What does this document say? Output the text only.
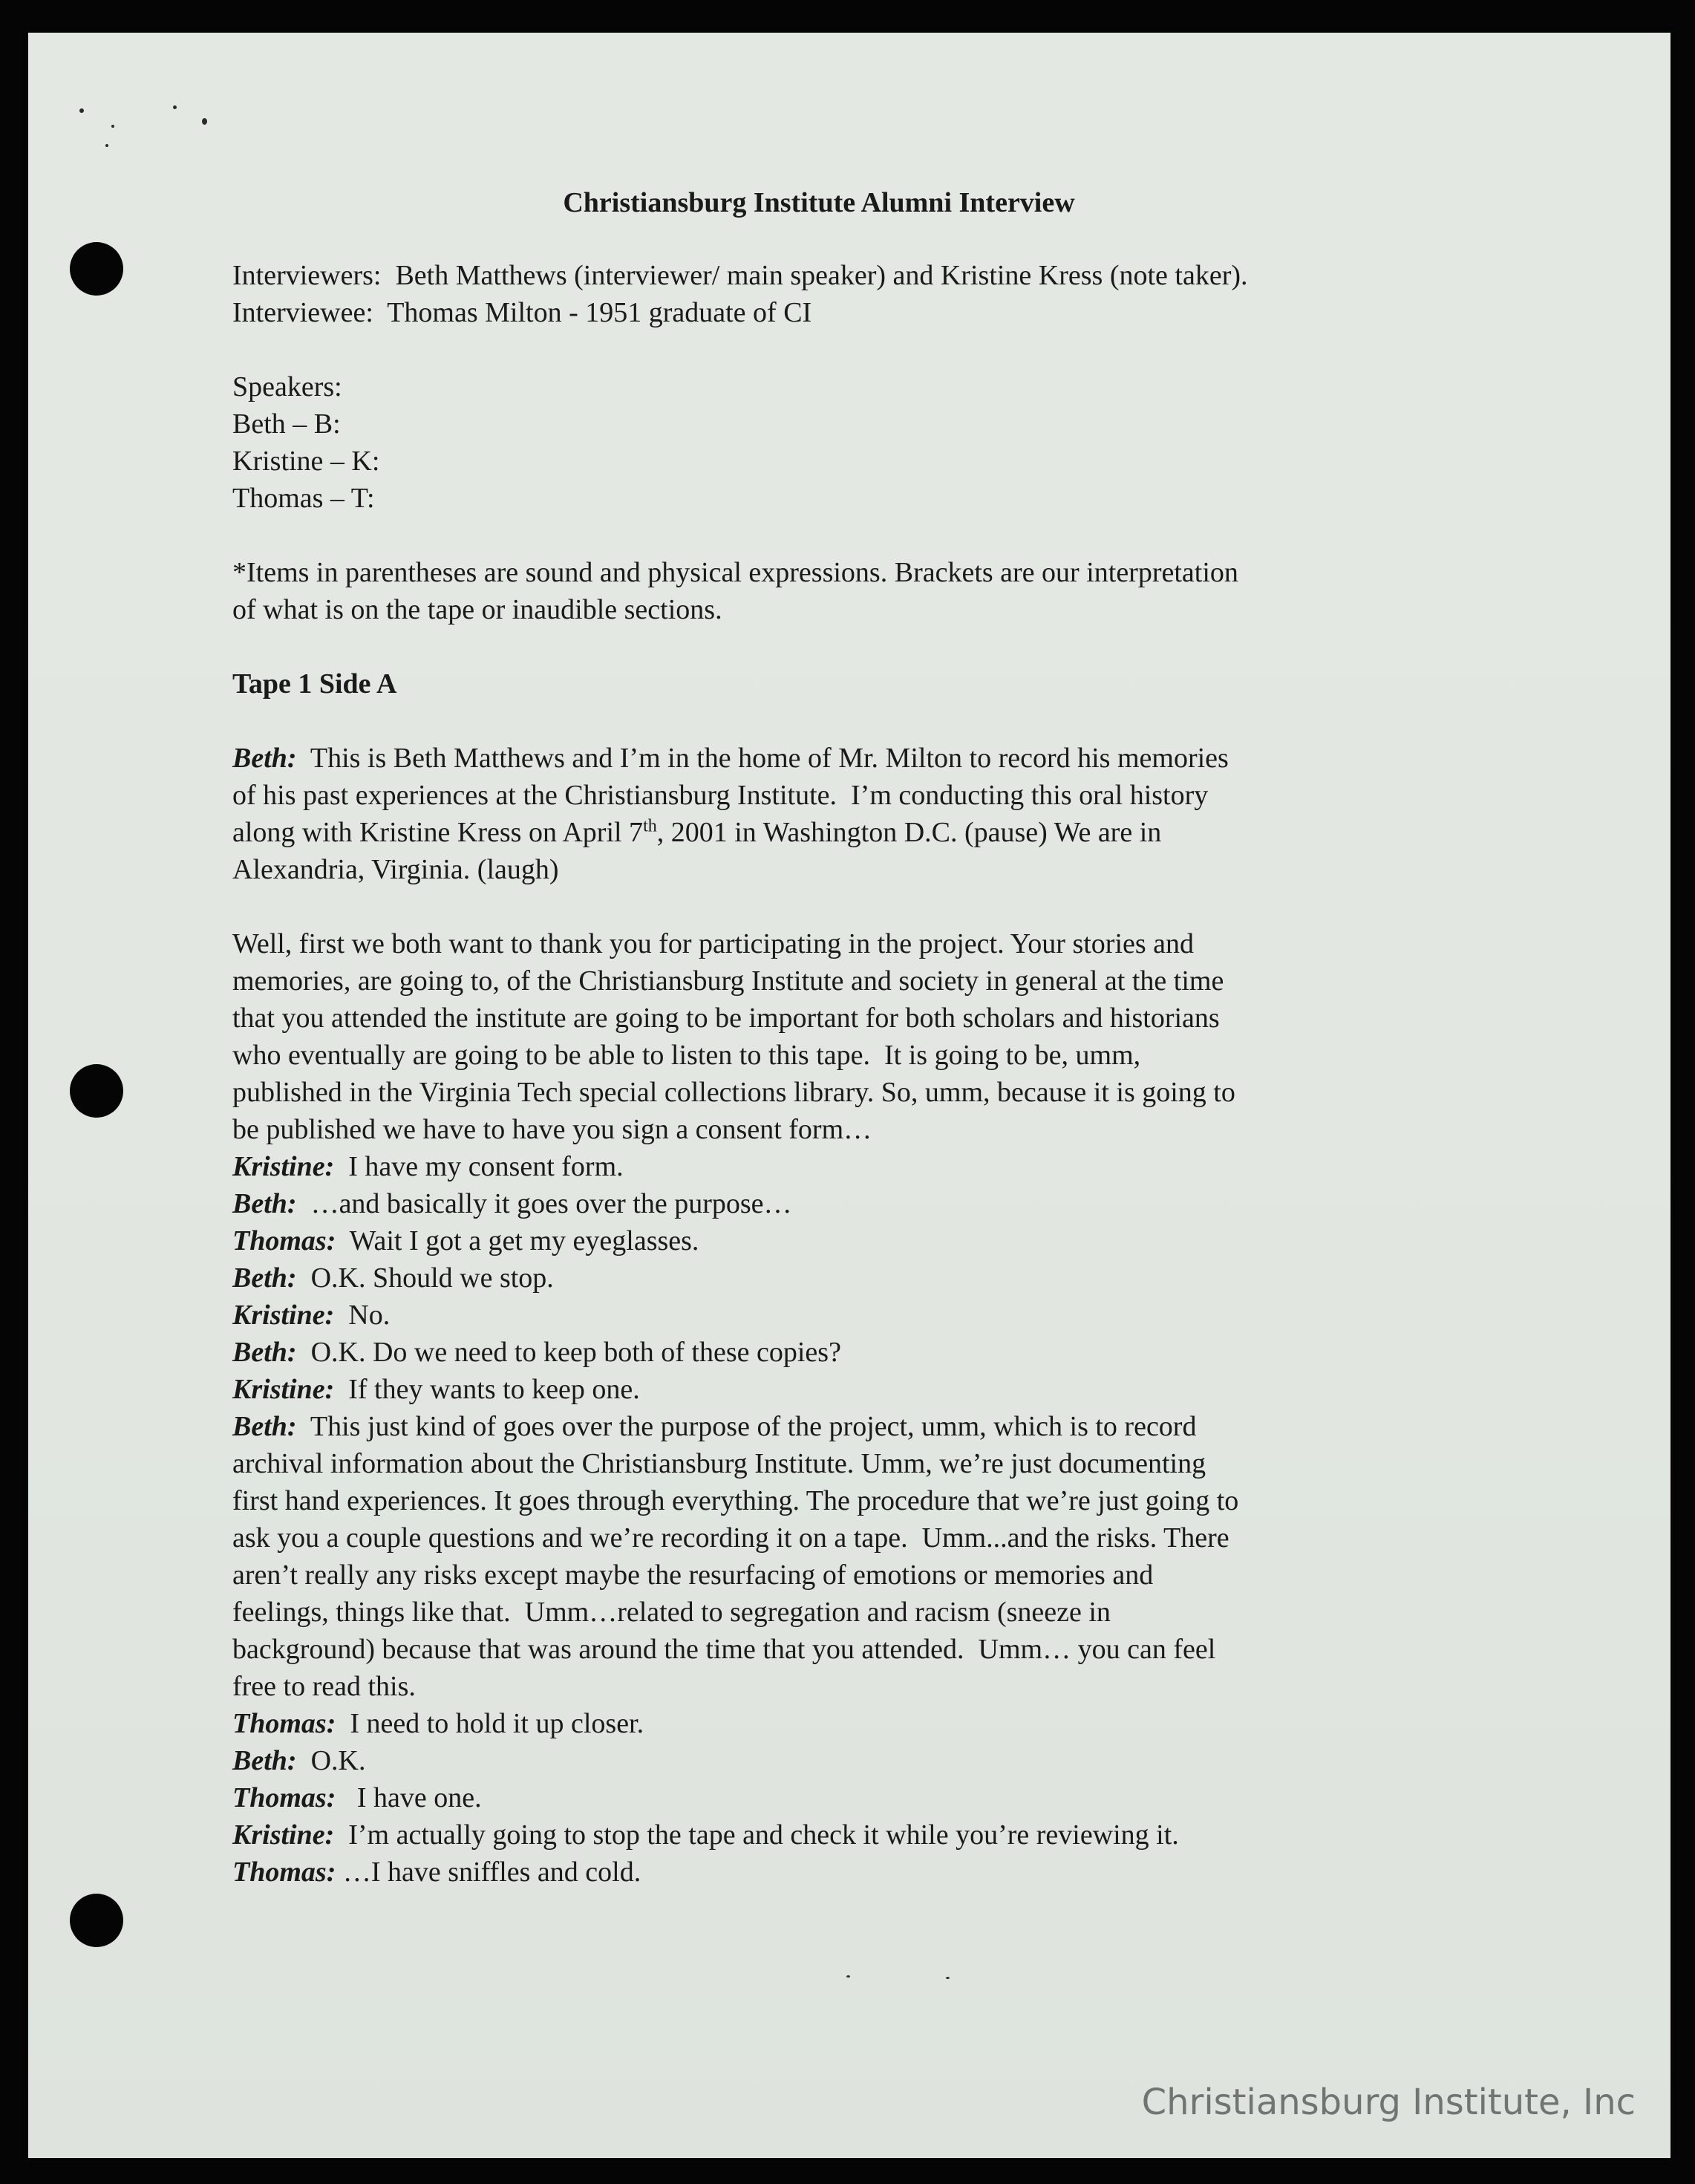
Christiansburg Institute Alumni Interview
Interviewers:  Beth Matthews (interviewer/ main speaker) and Kristine Kress (note taker).
Interviewee:  Thomas Milton - 1951 graduate of CI
Speakers:
Beth – B:
Kristine – K:
Thomas – T:
*Items in parentheses are sound and physical expressions. Brackets are our interpretation
of what is on the tape or inaudible sections.
Tape 1 Side A
Beth:  This is Beth Matthews and I’m in the home of Mr. Milton to record his memories
of his past experiences at the Christiansburg Institute.  I’m conducting this oral history
along with Kristine Kress on April 7th, 2001 in Washington D.C. (pause) We are in
Alexandria, Virginia. (laugh)
Well, first we both want to thank you for participating in the project. Your stories and
memories, are going to, of the Christiansburg Institute and society in general at the time
that you attended the institute are going to be important for both scholars and historians
who eventually are going to be able to listen to this tape.  It is going to be, umm,
published in the Virginia Tech special collections library. So, umm, because it is going to
be published we have to have you sign a consent form…
Kristine:  I have my consent form.
Beth:  …and basically it goes over the purpose…
Thomas:  Wait I got a get my eyeglasses.
Beth:  O.K. Should we stop.
Kristine:  No.
Beth:  O.K. Do we need to keep both of these copies?
Kristine:  If they wants to keep one.
Beth:  This just kind of goes over the purpose of the project, umm, which is to record
archival information about the Christiansburg Institute. Umm, we’re just documenting
first hand experiences. It goes through everything. The procedure that we’re just going to
ask you a couple questions and we’re recording it on a tape.  Umm...and the risks. There
aren’t really any risks except maybe the resurfacing of emotions or memories and
feelings, things like that.  Umm…related to segregation and racism (sneeze in
background) because that was around the time that you attended.  Umm… you can feel
free to read this.
Thomas:  I need to hold it up closer.
Beth:  O.K.
Thomas:   I have one.
Kristine:  I’m actually going to stop the tape and check it while you’re reviewing it.
Thomas: …I have sniffles and cold.
Christiansburg Institute, Inc
